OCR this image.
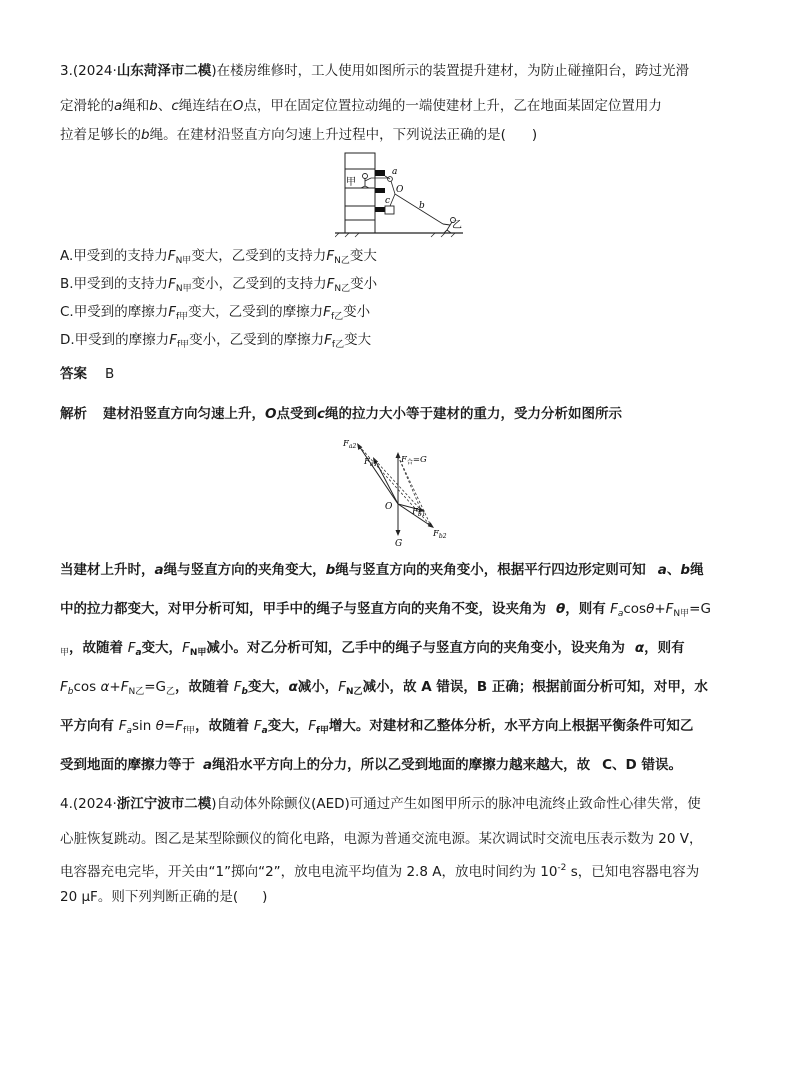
3.(2024·山东菏泽市二模)在楼房维修时，工人使用如图所示的装置提升建材，为防止碰撞阳台，跨过光滑
定滑轮的a绳和b、c绳连结在O点，甲在固定位置拉动绳的一端使建材上升，乙在地面某固定位置用力
拉着足够长的b绳。在建材沿竖直方向匀速上升过程中，下列说法正确的是( )
甲
a
O
c	b
乙
A.甲受到的支持力$F_{N甲}$变大，乙受到的支持力$F_{N乙}$变大
B.甲受到的支持力$F_{N甲}$变小，乙受到的支持力$F_{N乙}$变小
C.甲受到的摩擦力$F_{f甲}$变大，乙受到的摩擦力$F_{f乙}$变小
D.甲受到的摩擦力$F_{f甲}$变小，乙受到的摩擦力$F_{f乙}$变大
答案 B
解析 建材沿竖直方向匀速上升，O点受到c绳的拉力大小等于建材的重力，受力分析如图所示
$F_{a2}$
$F_{a1}$	$F_合=G$
$F_{b1}$
$F_{b2}$
O
G
当建材上升时，a绳与竖直方向的夹角变大，b绳与竖直方向的夹角变小，根据平行四边形定则可知 a、b绳
中的拉力都变大，对甲分析可知，甲手中的绳子与竖直方向的夹角不变，设夹角为 θ，则有 $F_a\cos\theta+F_{N甲}=G$
$_甲$，故随着 $F_a$变大，$F_{N甲}$减小。对乙分析可知，乙手中的绳子与竖直方向的夹角变小，设夹角为 α，则有
$F_b\cos$ $\alpha+F_{N乙}=G_乙$，故随着 $F_b$变大，α减小，$F_{N乙}$减小，故 A 错误，B 正确；根据前面分析可知，对甲，水
平方向有 $F_a\sin$ $\theta=F_{f甲}$，故随着 $F_a$变大，$F_{f甲}$增大。对建材和乙整体分析，水平方向上根据平衡条件可知乙
受到地面的摩擦力等于 a绳沿水平方向上的分力，所以乙受到地面的摩擦力越来越大，故 C、D 错误。
4.(2024·浙江宁波市二模)自动体外除颤仪(AED)可通过产生如图甲所示的脉冲电流终止致命性心律失常，使
心脏恢复跳动。图乙是某型除颤仪的简化电路，电源为普通交流电源。某次调试时交流电压表示数为 20 V，
电容器充电完毕，开关由“1”掷向“2”，放电电流平均值为 2.8 A，放电时间约为 $10^{-2}$ s，已知电容器电容为
20 μF。则下列判断正确的是( )
